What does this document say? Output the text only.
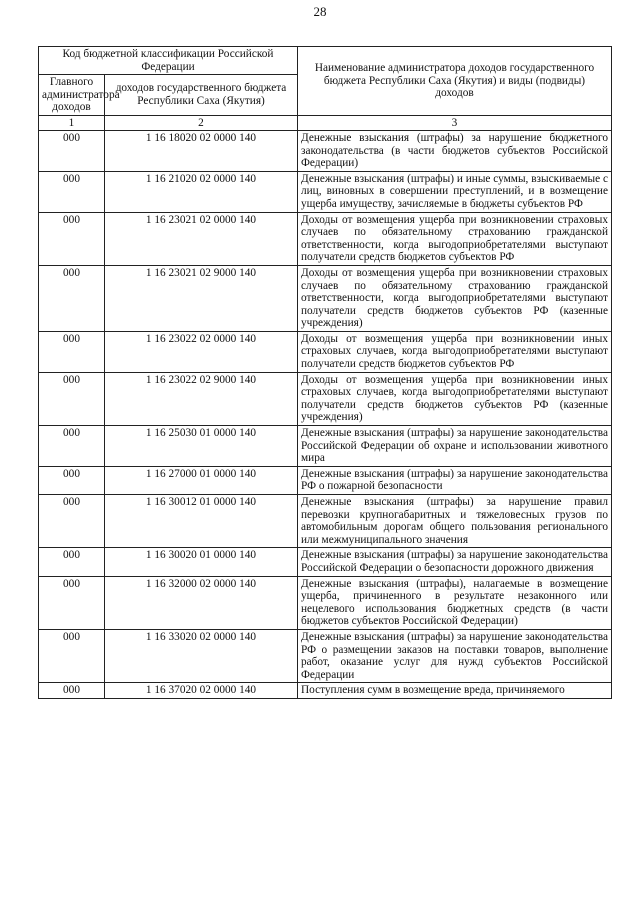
28
Код бюджетной классификации Российской Федерации		Наименование администратора доходов государственного бюджета Республики Саха (Якутия) и виды (подвиды) доходов
Главного администратора доходов	доходов государственного бюджета Республики Саха (Якутия)	
1	2	3
000	1 16 18020 02 0000 140	Денежные взыскания (штрафы) за нарушение бюджетного законодательства (в части бюджетов субъектов Российской Федерации)
000	1 16 21020 02 0000 140	Денежные взыскания (штрафы) и иные суммы, взыскиваемые с лиц, виновных в совершении преступлений, и в возмещение ущерба имуществу, зачисляемые в бюджеты субъектов РФ
000	1 16 23021 02 0000 140	Доходы от возмещения ущерба при возникновении страховых случаев по обязательному страхованию гражданской ответственности, когда выгодоприобретателями выступают получатели средств бюджетов субъектов РФ
000	1 16 23021 02 9000 140	Доходы от возмещения ущерба при возникновении страховых случаев по обязательному страхованию гражданской ответственности, когда выгодоприобретателями выступают получатели средств бюджетов субъектов РФ (казенные учреждения)
000	1 16 23022 02 0000 140	Доходы от возмещения ущерба при возникновении иных страховых случаев, когда выгодоприобретателями выступают получатели средств бюджетов субъектов РФ
000	1 16 23022 02 9000 140	Доходы от возмещения ущерба при возникновении иных страховых случаев, когда выгодоприобретателями выступают получатели средств бюджетов субъектов РФ (казенные учреждения)
000	1 16 25030 01 0000 140	Денежные взыскания (штрафы) за нарушение законодательства Российской Федерации об охране и использовании животного мира
000	1 16 27000 01 0000 140	Денежные взыскания (штрафы) за нарушение законодательства РФ о пожарной безопасности
000	1 16 30012 01 0000 140	Денежные взыскания (штрафы) за нарушение правил перевозки крупногабаритных и тяжеловесных грузов по автомобильным дорогам общего пользования регионального или межмуниципального значения
000	1 16 30020 01 0000 140	Денежные взыскания (штрафы) за нарушение законодательства Российской Федерации о безопасности дорожного движения
000	1 16 32000 02 0000 140	Денежные взыскания (штрафы), налагаемые в возмещение ущерба, причиненного в результате незаконного или нецелевого использования бюджетных средств (в части бюджетов субъектов Российской Федерации)
000	1 16 33020 02 0000 140	Денежные взыскания (штрафы) за нарушение законодательства РФ о размещении заказов на поставки товаров, выполнение работ, оказание услуг для нужд субъектов Российской Федерации
000	1 16 37020 02 0000 140	Поступления сумм в возмещение вреда, причиняемого
